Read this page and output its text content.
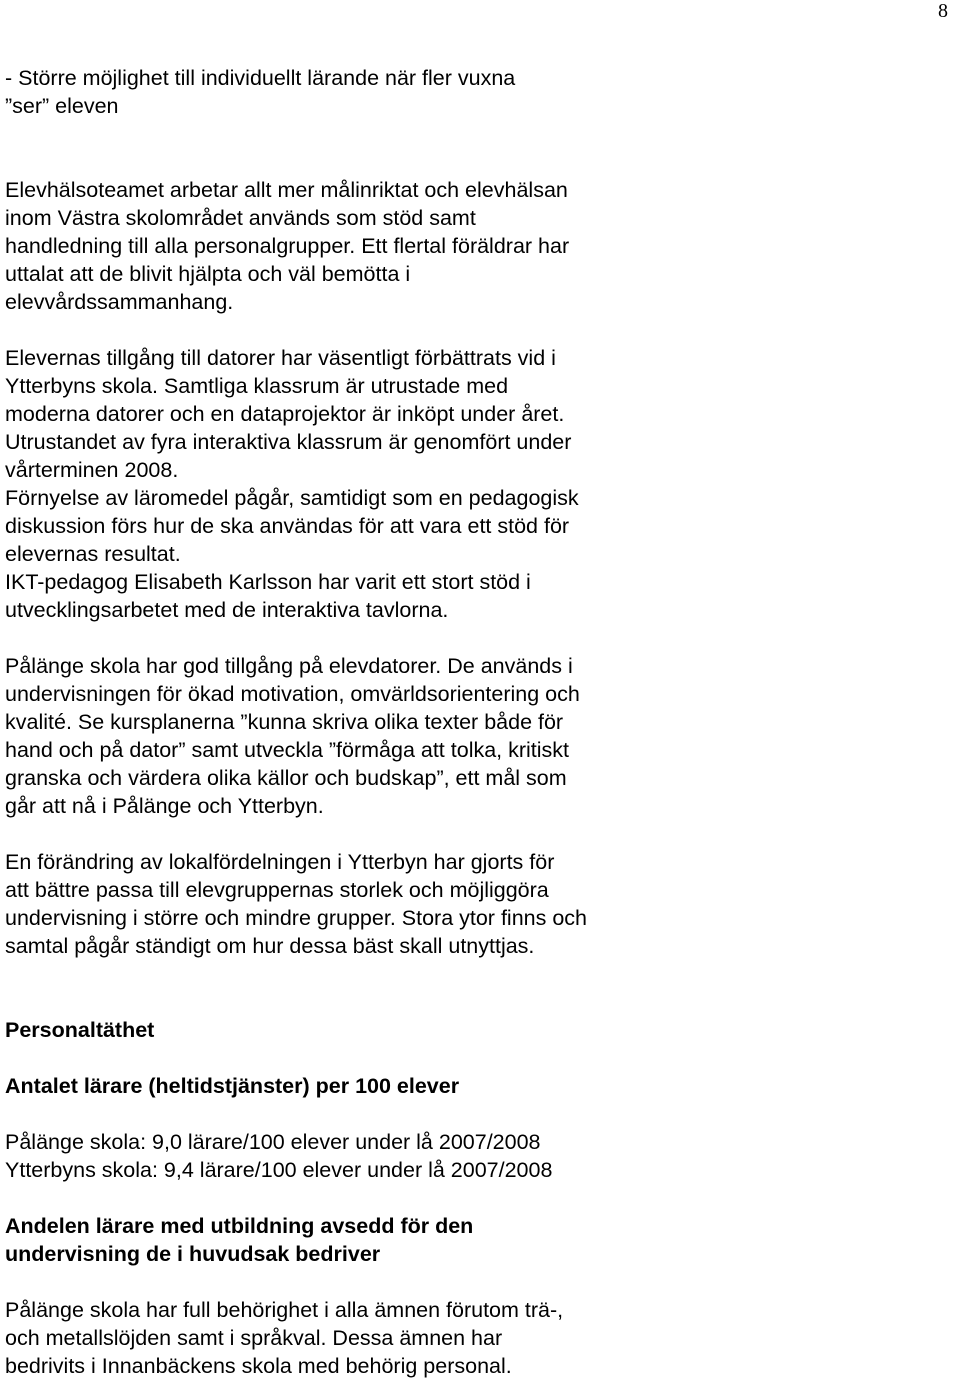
8
- Större möjlighet till individuellt lärande när fler vuxna
”ser” eleven
Elevhälsoteamet arbetar allt mer målinriktat och elevhälsan
inom Västra skolområdet används som stöd samt
handledning till alla personalgrupper. Ett flertal föräldrar har
uttalat att de blivit hjälpta och väl bemötta i
elevvårdssammanhang.
Elevernas tillgång till datorer har väsentligt förbättrats vid i
Ytterbyns skola. Samtliga klassrum är utrustade med
moderna datorer och en dataprojektor är inköpt under året.
Utrustandet av fyra interaktiva klassrum är genomfört under
vårterminen 2008.
Förnyelse av läromedel pågår, samtidigt som en pedagogisk
diskussion förs hur de ska användas för att vara ett stöd för
elevernas resultat.
IKT-pedagog Elisabeth Karlsson har varit ett stort stöd i
utvecklingsarbetet med de interaktiva tavlorna.
Pålänge skola har god tillgång på elevdatorer. De används i
undervisningen för ökad motivation, omvärldsorientering och
kvalité. Se kursplanerna ”kunna skriva olika texter både för
hand och på dator” samt utveckla ”förmåga att tolka, kritiskt
granska och värdera olika källor och budskap”, ett mål som
går att nå i Pålänge och Ytterbyn.
En förändring av lokalfördelningen i Ytterbyn har gjorts för
att bättre passa till elevgruppernas storlek och möjliggöra
undervisning i större och mindre grupper. Stora ytor finns och
samtal pågår ständigt om hur dessa bäst skall utnyttjas.
Personaltäthet
Antalet lärare (heltidstjänster) per 100 elever
Pålänge skola: 9,0 lärare/100 elever under lå 2007/2008
Ytterbyns skola: 9,4 lärare/100 elever under lå 2007/2008
Andelen lärare med utbildning avsedd för den
undervisning de i huvudsak bedriver
Pålänge skola har full behörighet i alla ämnen förutom trä-,
och metallslöjden samt i språkval. Dessa ämnen har
bedrivits i Innanbäckens skola med behörig personal.
